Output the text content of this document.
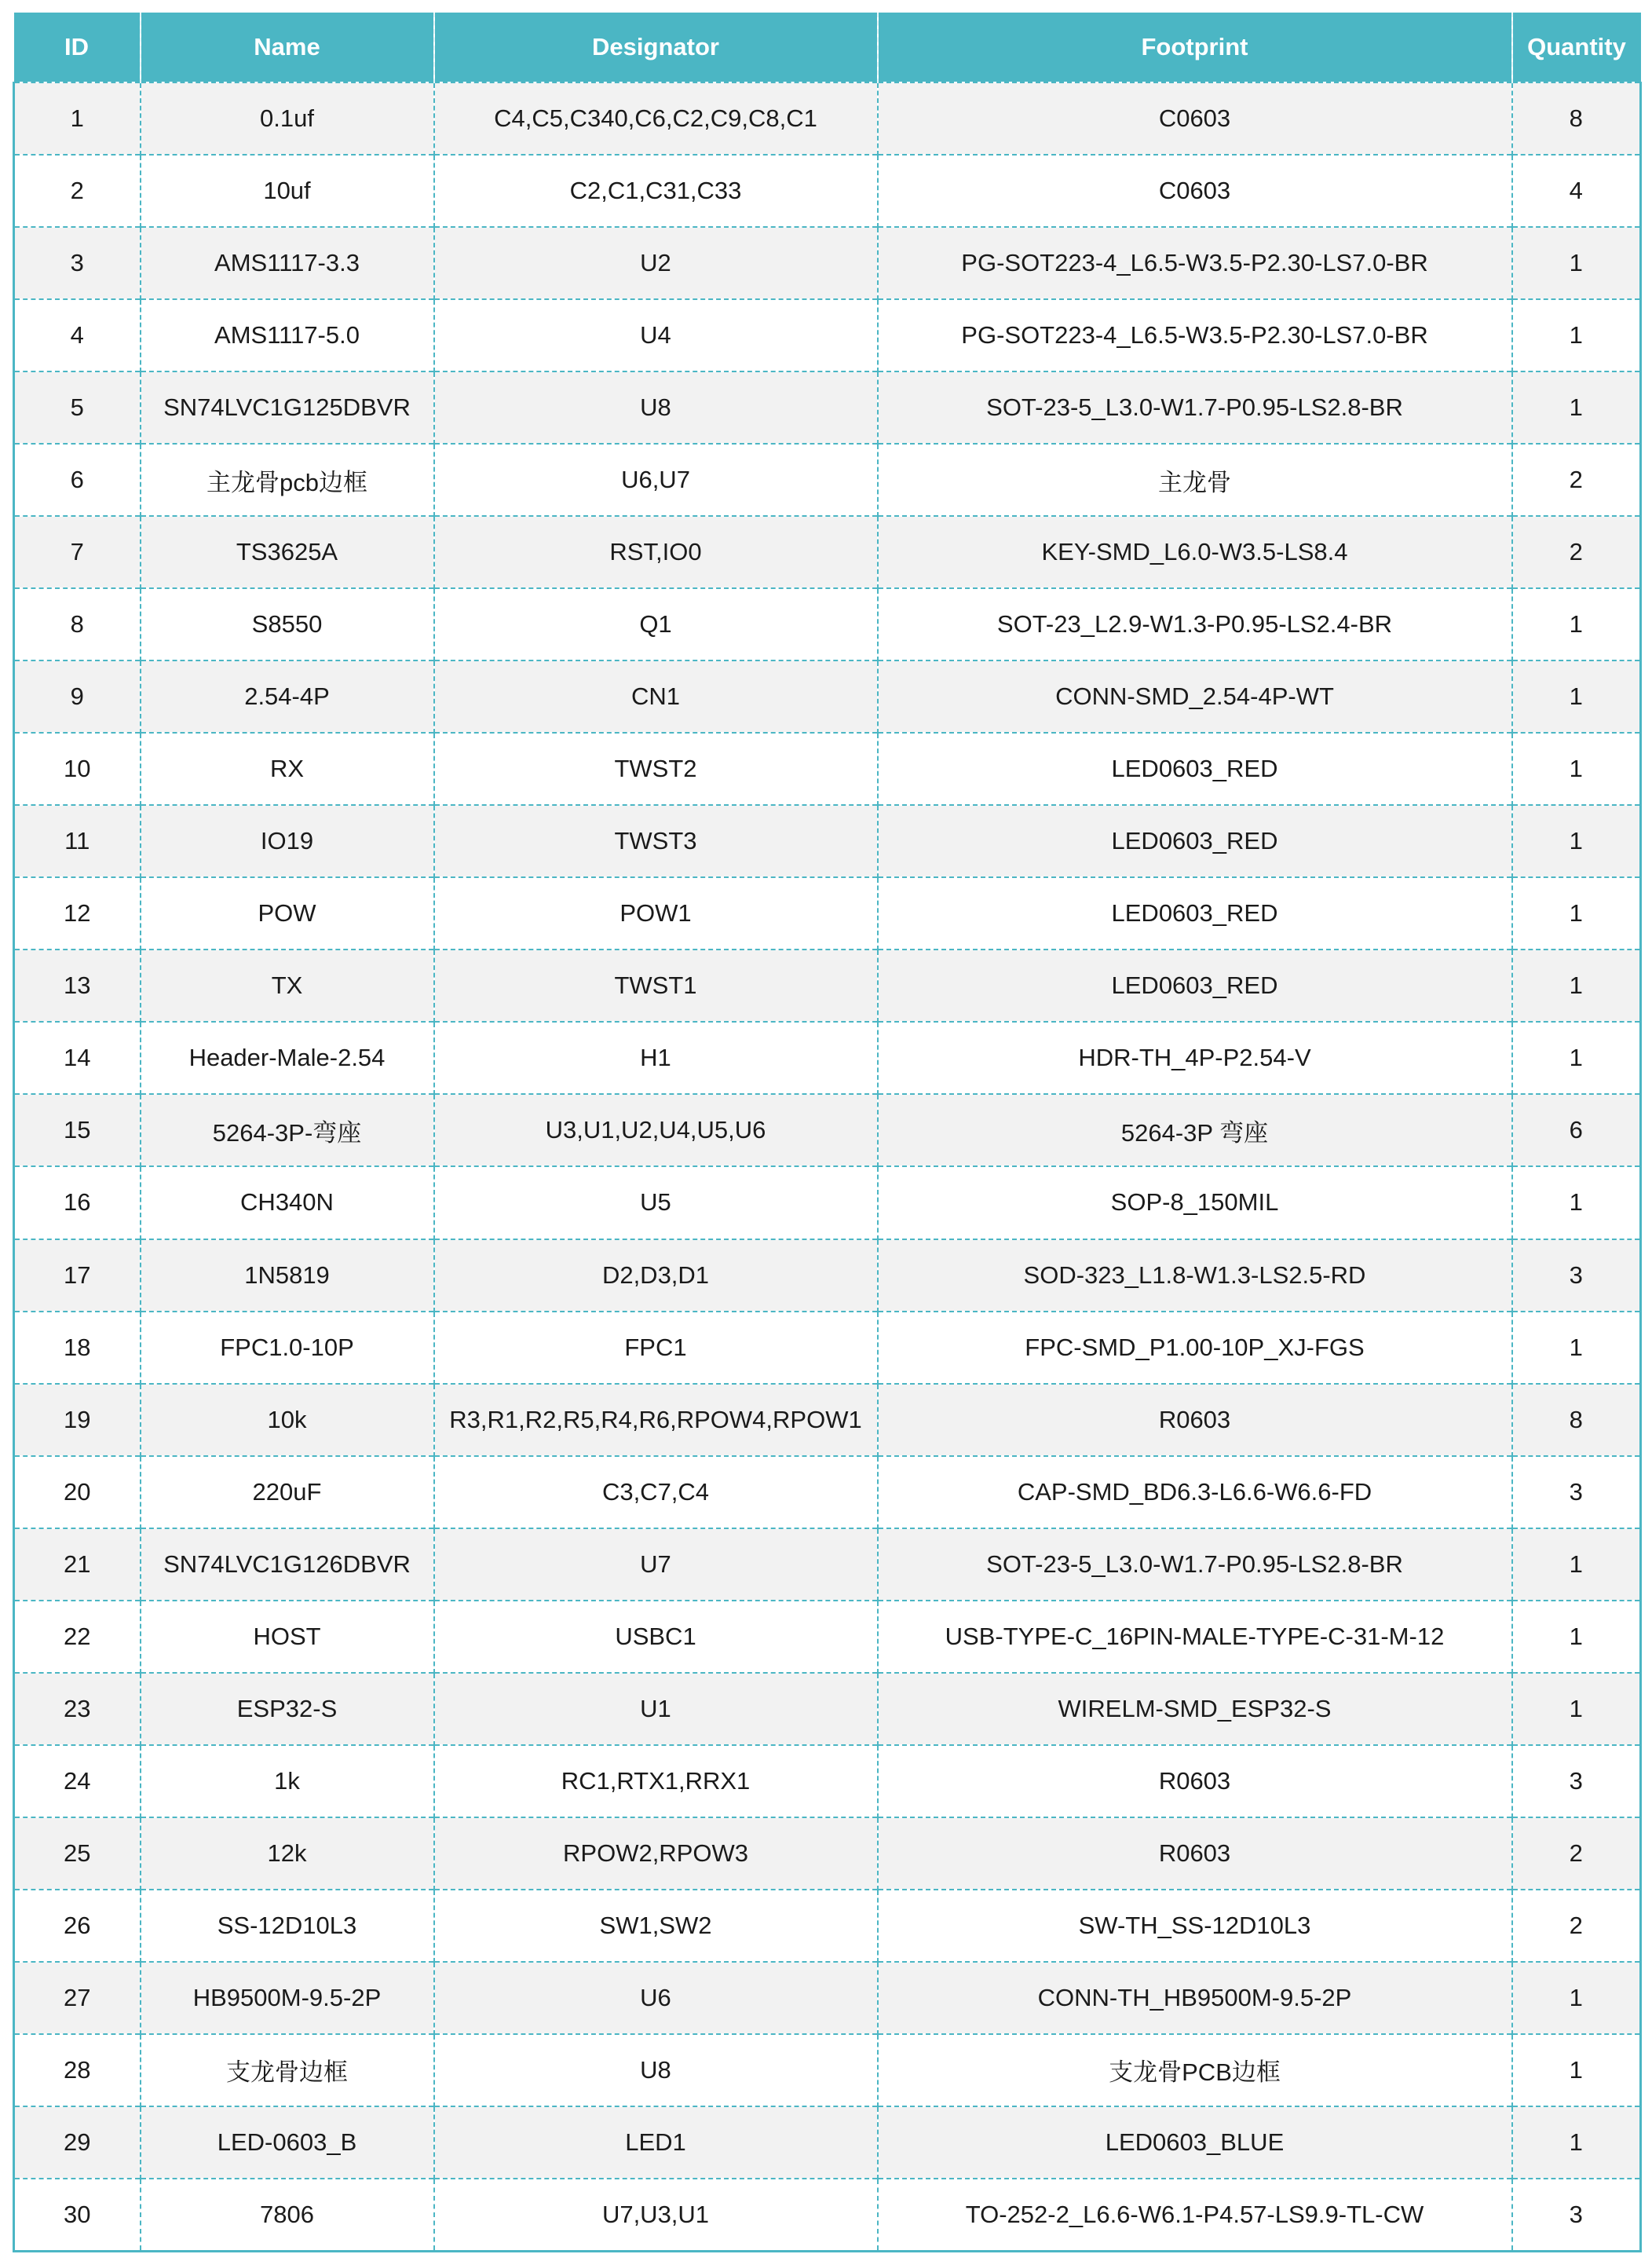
ID	Name	Designator	Footprint	Quantity
1	0.1uf	C4,C5,C340,C6,C2,C9,C8,C1	C0603	8
2	10uf	C2,C1,C31,C33	C0603	4
3	AMS1117-3.3	U2	PG-SOT223-4_L6.5-W3.5-P2.30-LS7.0-BR	1
4	AMS1117-5.0	U4	PG-SOT223-4_L6.5-W3.5-P2.30-LS7.0-BR	1
5	SN74LVC1G125DBVR	U8	SOT-23-5_L3.0-W1.7-P0.95-LS2.8-BR	1
6	主龙骨pcb边框	U6,U7	主龙骨	2
7	TS3625A	RST,IO0	KEY-SMD_L6.0-W3.5-LS8.4	2
8	S8550	Q1	SOT-23_L2.9-W1.3-P0.95-LS2.4-BR	1
9	2.54-4P	CN1	CONN-SMD_2.54-4P-WT	1
10	RX	TWST2	LED0603_RED	1
11	IO19	TWST3	LED0603_RED	1
12	POW	POW1	LED0603_RED	1
13	TX	TWST1	LED0603_RED	1
14	Header-Male-2.54	H1	HDR-TH_4P-P2.54-V	1
15	5264-3P-弯座	U3,U1,U2,U4,U5,U6	5264-3P 弯座	6
16	CH340N	U5	SOP-8_150MIL	1
17	1N5819	D2,D3,D1	SOD-323_L1.8-W1.3-LS2.5-RD	3
18	FPC1.0-10P	FPC1	FPC-SMD_P1.00-10P_XJ-FGS	1
19	10k	R3,R1,R2,R5,R4,R6,RPOW4,RPOW1	R0603	8
20	220uF	C3,C7,C4	CAP-SMD_BD6.3-L6.6-W6.6-FD	3
21	SN74LVC1G126DBVR	U7	SOT-23-5_L3.0-W1.7-P0.95-LS2.8-BR	1
22	HOST	USBC1	USB-TYPE-C_16PIN-MALE-TYPE-C-31-M-12	1
23	ESP32-S	U1	WIRELM-SMD_ESP32-S	1
24	1k	RC1,RTX1,RRX1	R0603	3
25	12k	RPOW2,RPOW3	R0603	2
26	SS-12D10L3	SW1,SW2	SW-TH_SS-12D10L3	2
27	HB9500M-9.5-2P	U6	CONN-TH_HB9500M-9.5-2P	1
28	支龙骨边框	U8	支龙骨PCB边框	1
29	LED-0603_B	LED1	LED0603_BLUE	1
30	7806	U7,U3,U1	TO-252-2_L6.6-W6.1-P4.57-LS9.9-TL-CW	3
